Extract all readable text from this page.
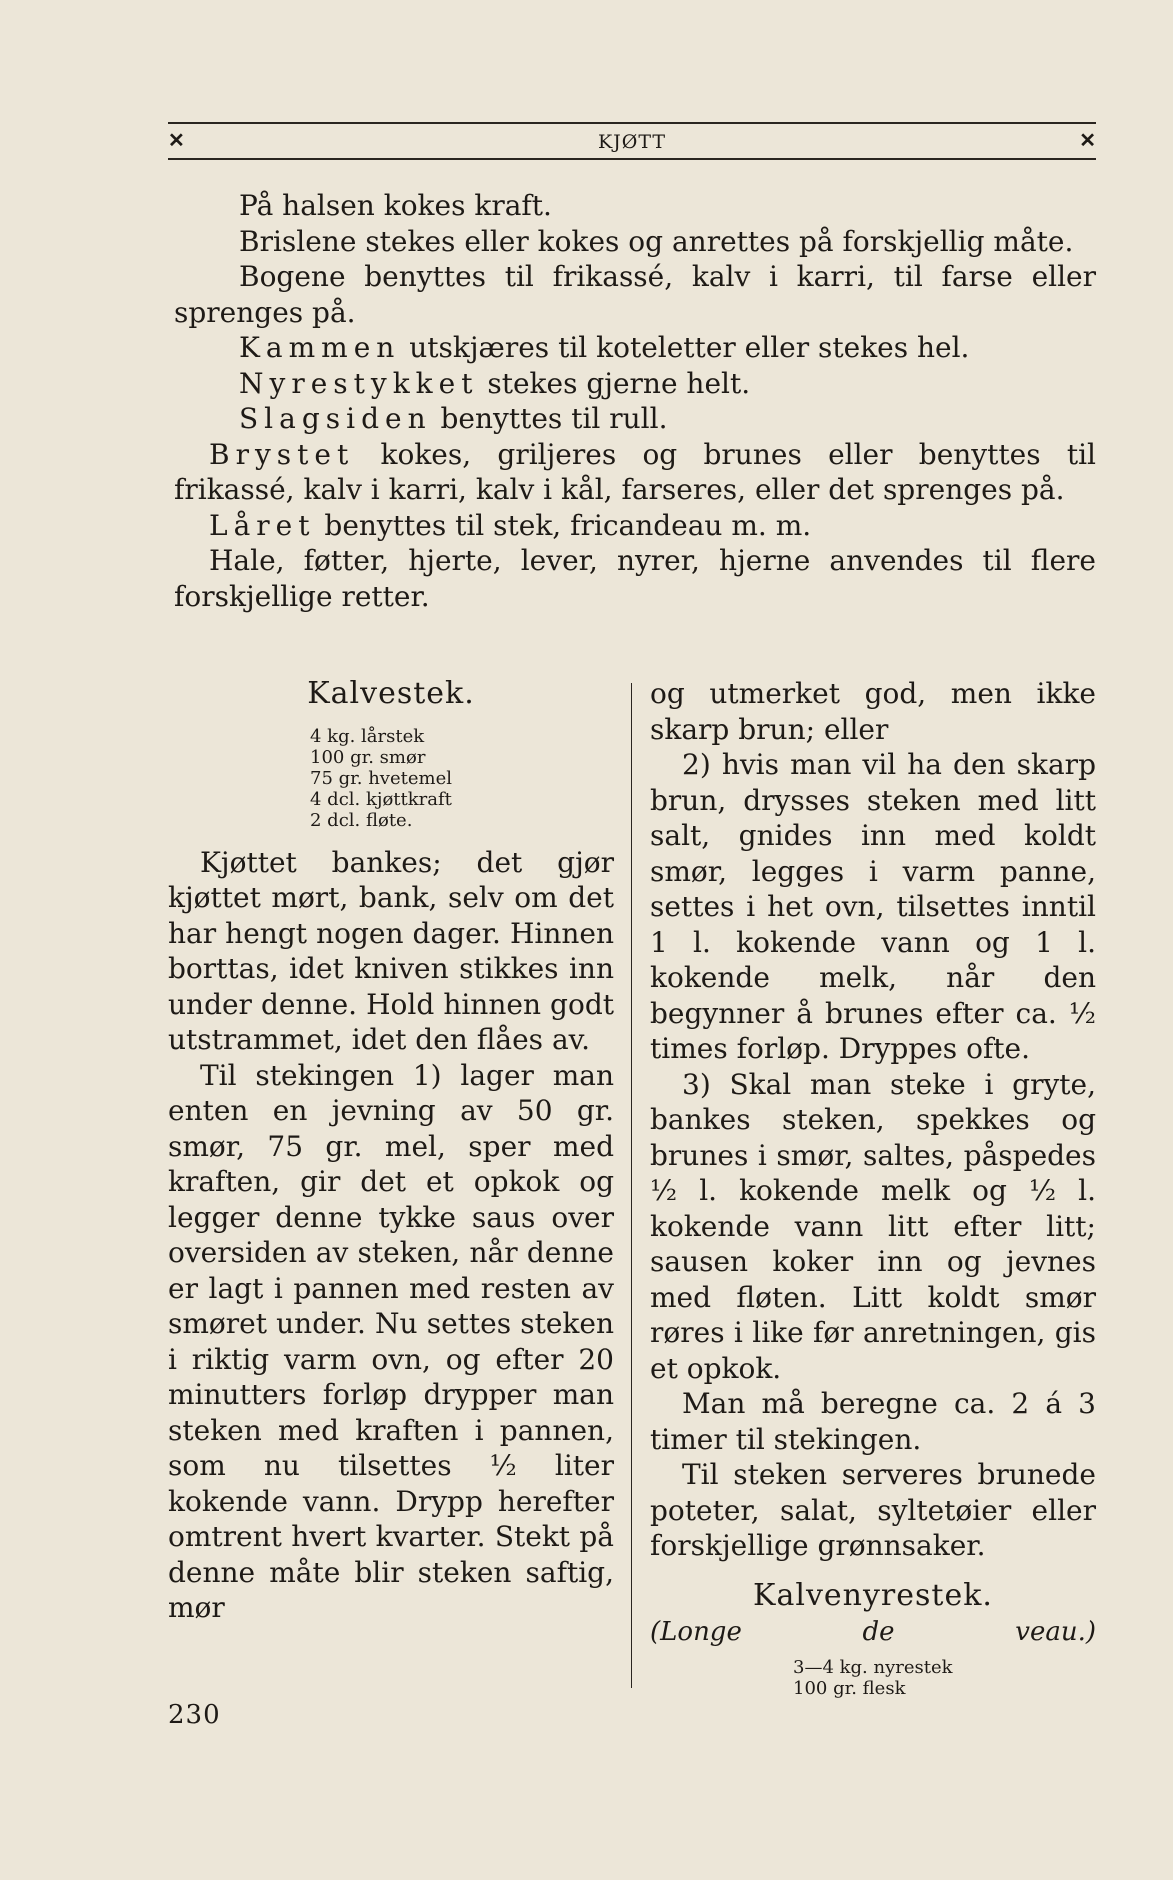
✕	KJØTT	✕

På halsen kokes kraft.

Brislene stekes eller kokes og anrettes på forskjellig måte.

Bogene benyttes til frikassé, kalv i karri, til farse eller sprenges på.

Kammen utskjæres til koteletter eller stekes hel.

Nyrestykket stekes gjerne helt.

Slagsiden benyttes til rull.

Brystet kokes, griljeres og brunes eller benyttes til frikassé, kalv i karri, kalv i kål, farseres, eller det sprenges på.

Låret benyttes til stek, fricandeau m. m.

Hale, føtter, hjerte, lever, nyrer, hjerne anvendes til flere forskjellige retter.

Kalvestek.
4 kg. lårstek
100 gr. smør
75 gr. hvetemel
4 dcl. kjøttkraft
2 dcl. fløte.

Kjøttet bankes; det gjør kjøttet mørt, bank, selv om det har hengt nogen dager. Hinnen borttas, idet kniven stikkes inn under denne. Hold hinnen godt utstrammet, idet den flåes av.

Til stekingen 1) lager man enten en jevning av 50 gr. smør, 75 gr. mel, sper med kraften, gir det et opkok og legger denne tykke saus over oversiden av steken, når denne er lagt i pannen med resten av smøret under. Nu settes steken i riktig varm ovn, og efter 20 minutters forløp drypper man steken med kraften i pannen, som nu tilsettes ½ liter kokende vann. Drypp herefter omtrent hvert kvarter. Stekt på denne måte blir steken saftig, mør

og utmerket god, men ikke skarp brun; eller

2) hvis man vil ha den skarp brun, drysses steken med litt salt, gnides inn med koldt smør, legges i varm panne, settes i het ovn, tilsettes inntil 1 l. kokende vann og 1 l. kokende melk, når den begynner å brunes efter ca. ½ times forløp. Dryppes ofte.

3) Skal man steke i gryte, bankes steken, spekkes og brunes i smør, saltes, påspedes ½ l. kokende melk og ½ l. kokende vann litt efter litt; sausen koker inn og jevnes med fløten. Litt koldt smør røres i like før anretningen, gis et opkok.

Man må beregne ca. 2 á 3 timer til stekingen.

Til steken serveres brunede poteter, salat, syltetøier eller forskjellige grønnsaker.

Kalvenyrestek.

(Longe de veau.)

3—4 kg. nyrestek
100 gr. flesk
230
